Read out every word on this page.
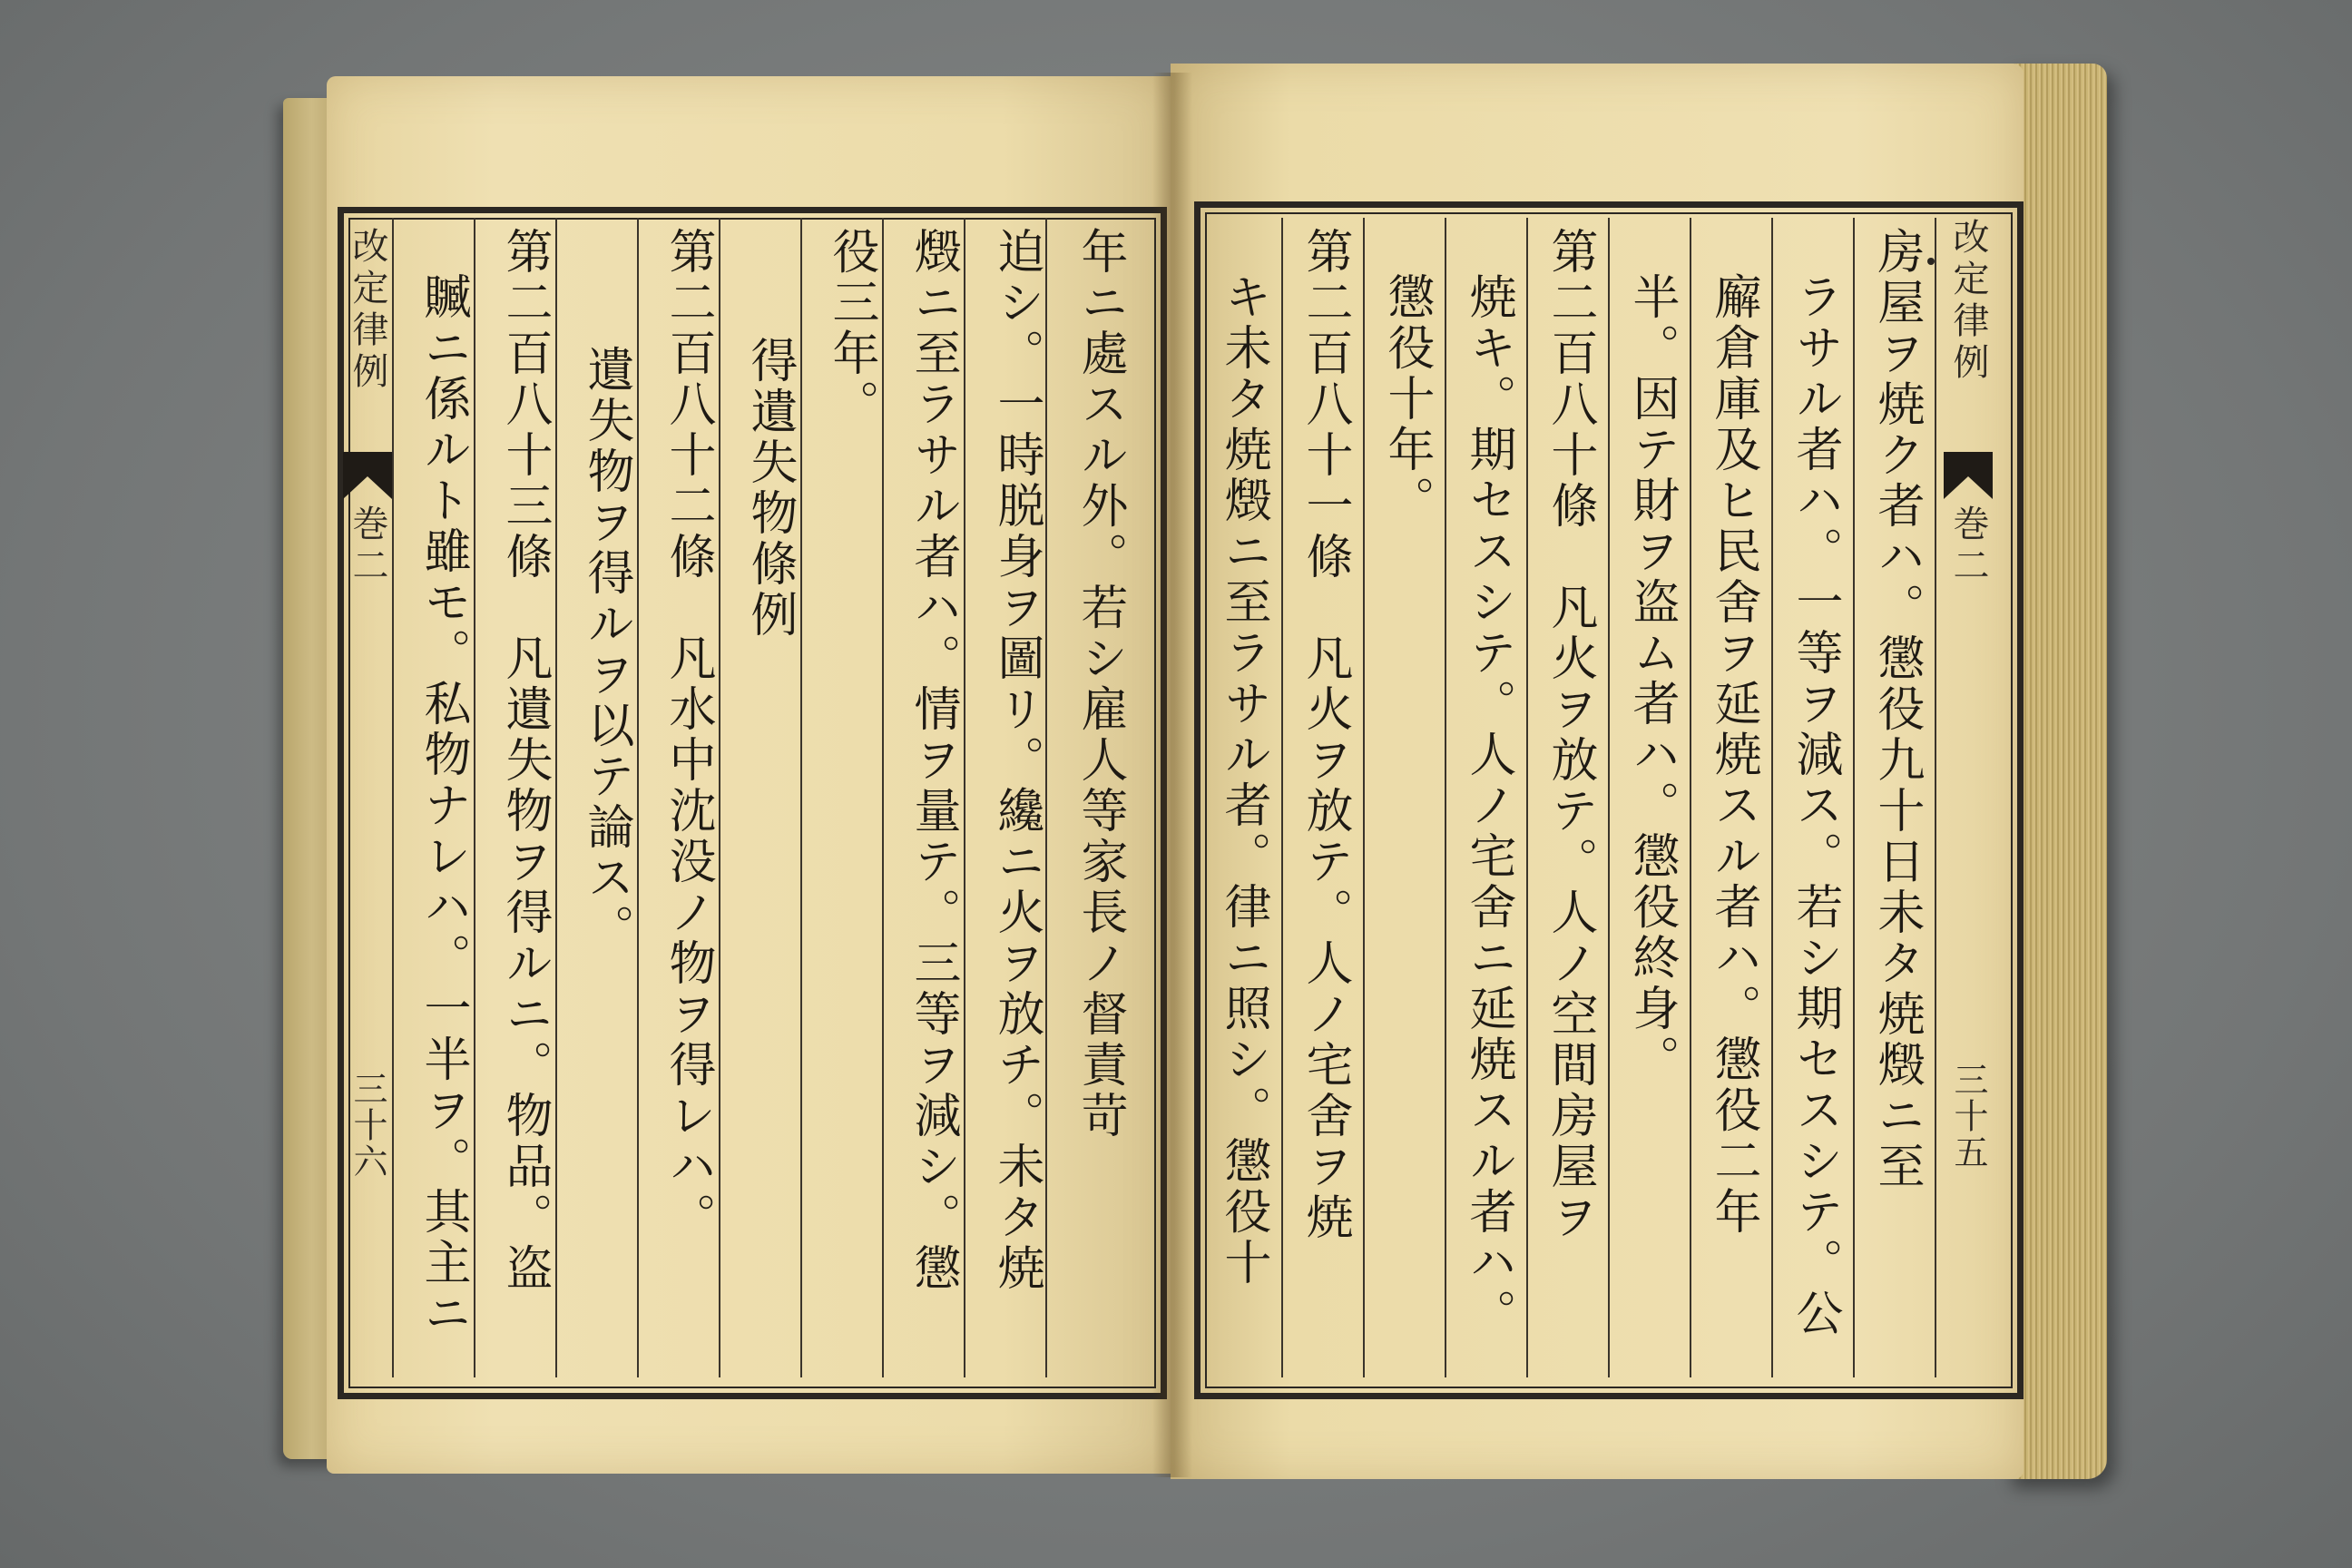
改定律例
巻二
三十六	年ニ處スル外。若シ雇人等家長ノ督責苛
迫シ。一時脱身ヲ圖リ。纔ニ火ヲ放チ。未タ焼
燬ニ至ラサル者ハ。情ヲ量テ。三等ヲ減シ。懲
役三年。
得遺失物條例
第二百八十二條　凡水中沈没ノ物ヲ得レハ。
遺失物ヲ得ルヲ以テ論ス。
第二百八十三條　凡遺失物ヲ得ルニ。物品。盗
贓ニ係ルト雖モ。私物ナレハ。一半ヲ。其主ニ	房屋ヲ焼ク者ハ。懲役九十日未タ焼燬ニ至
ラサル者ハ。一等ヲ減ス。若シ期セスシテ。公
廨倉庫及ヒ民舍ヲ延焼スル者ハ。懲役二年
半。因テ財ヲ盗ム者ハ。懲役終身。
第二百八十條　凡火ヲ放テ。人ノ空間房屋ヲ
焼キ。期セスシテ。人ノ宅舍ニ延焼スル者ハ。
懲役十年。
第二百八十一條　凡火ヲ放テ。人ノ宅舍ヲ焼
キ未タ焼燬ニ至ラサル者。律ニ照シ。懲役十	改定律例
巻二
三十五
